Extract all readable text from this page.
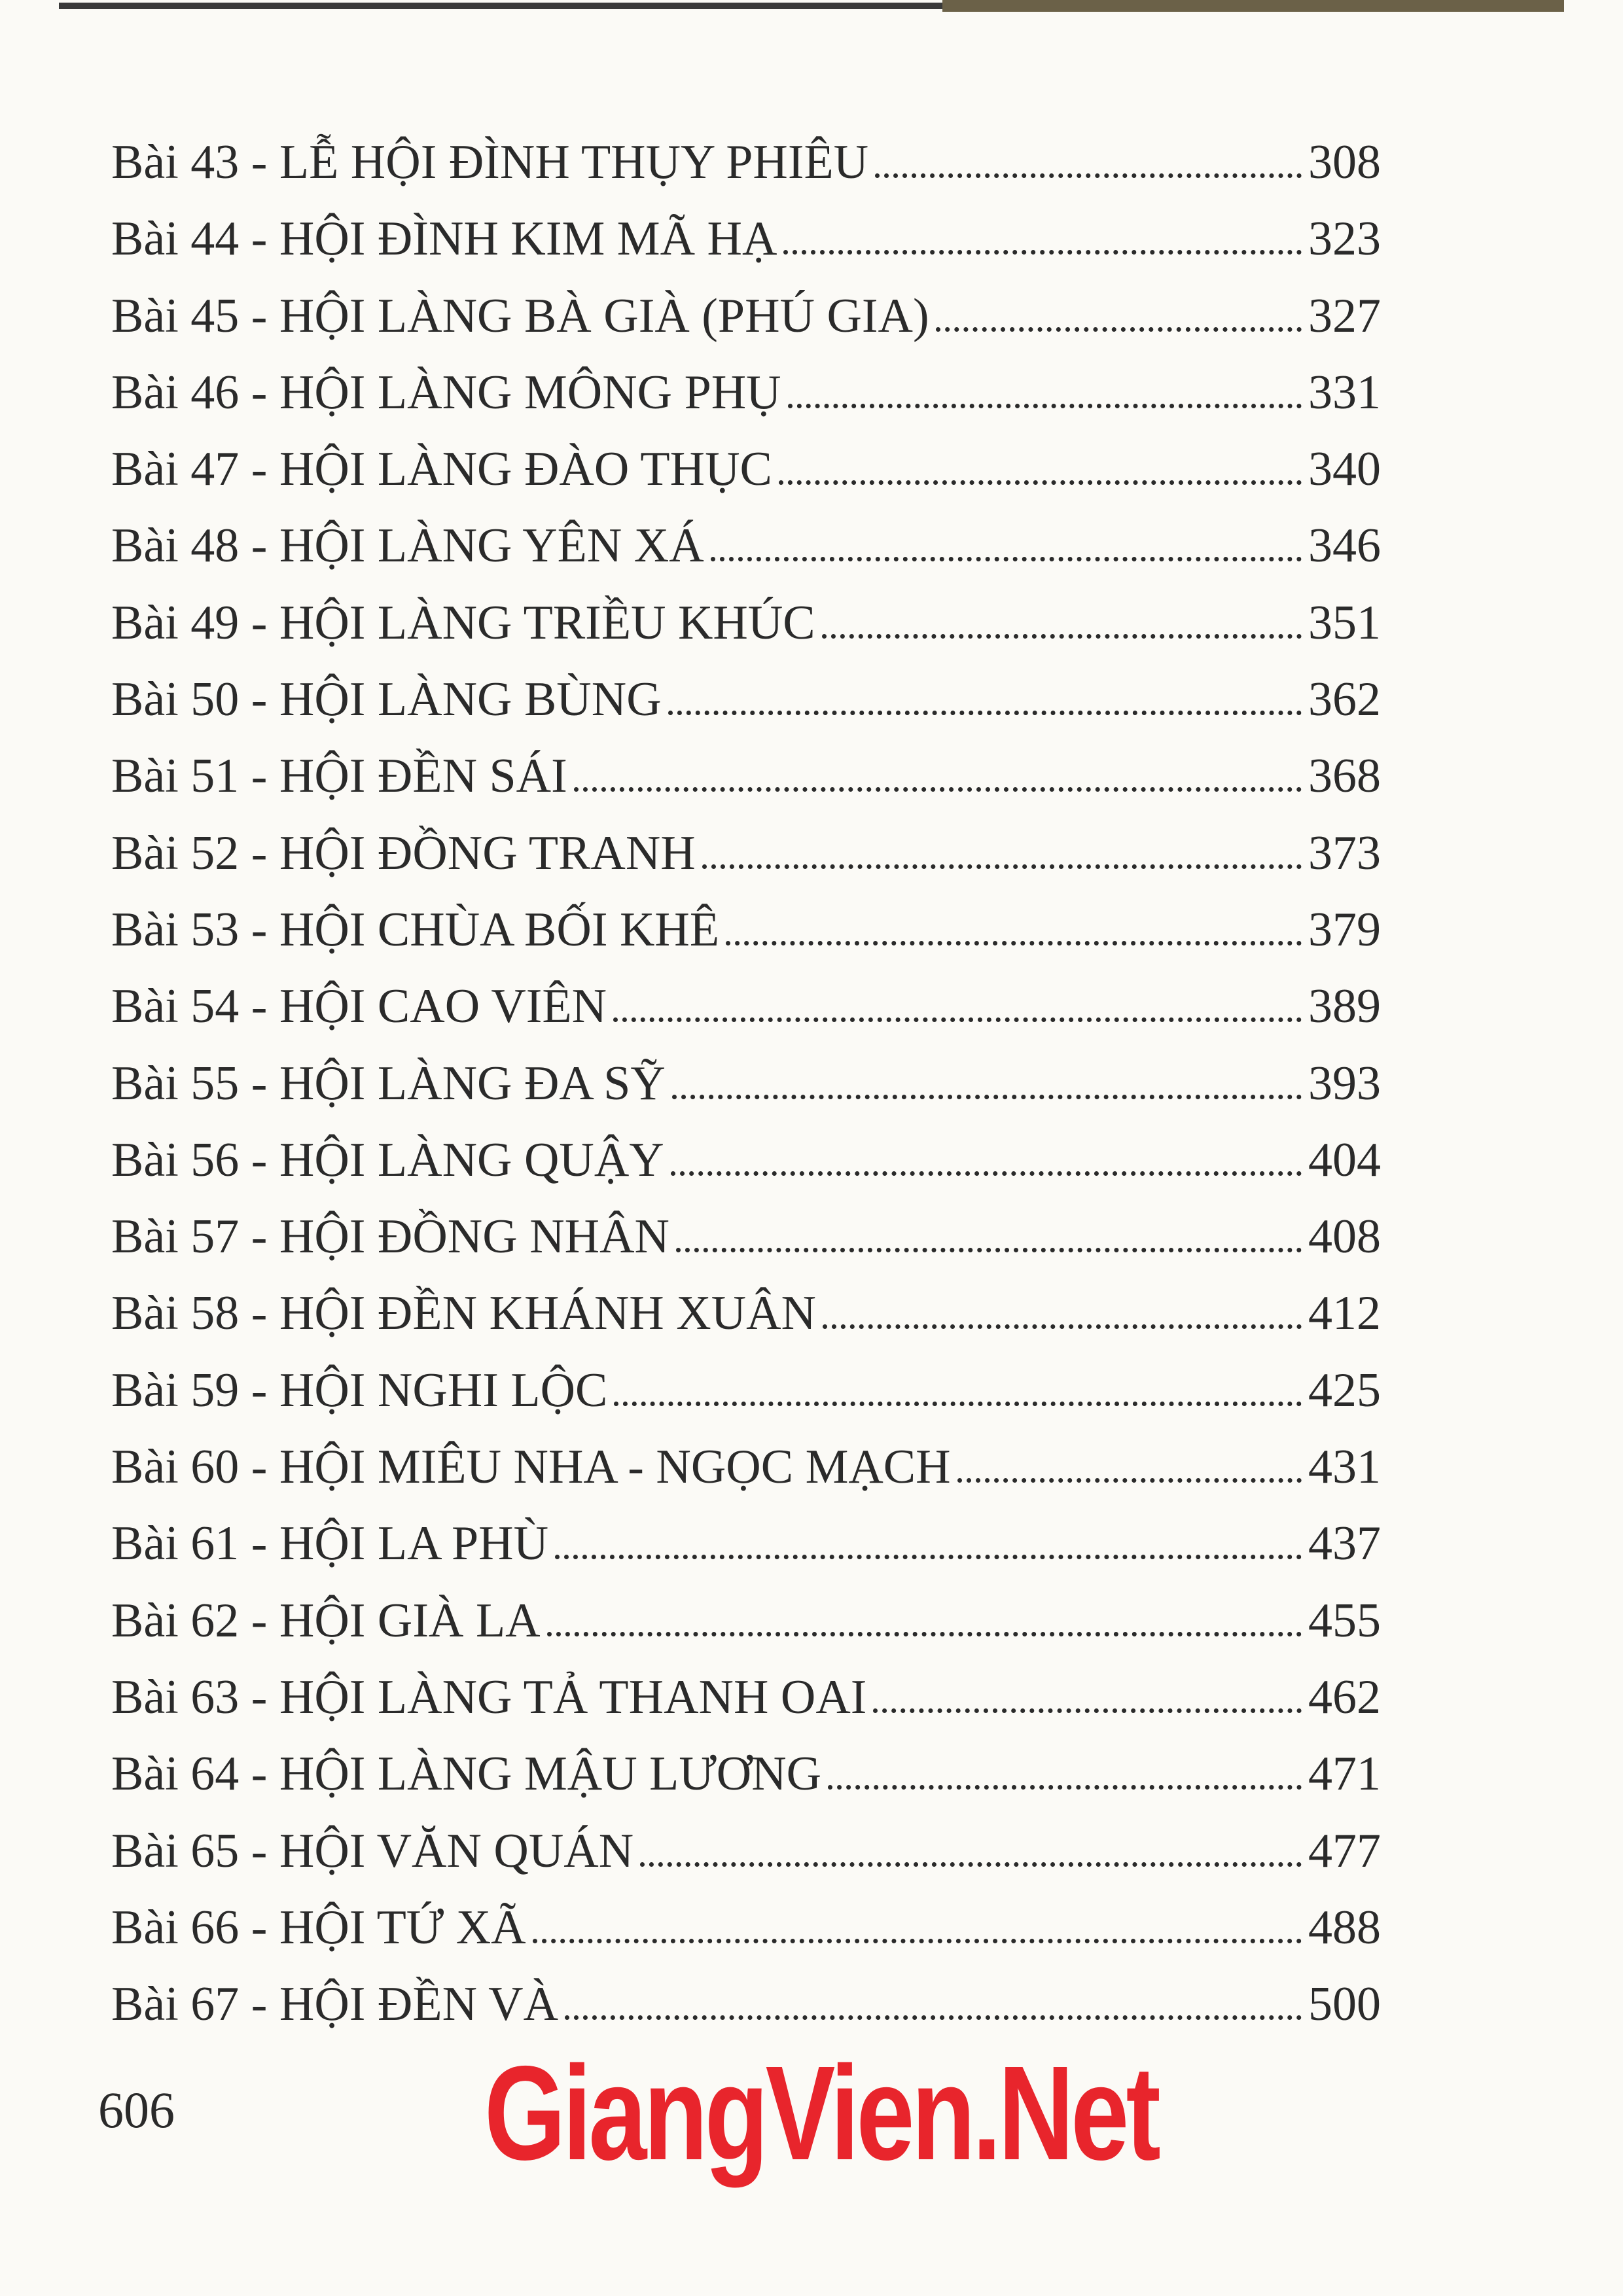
Bài 43 - LỄ HỘI ĐÌNH THỤY PHIÊU	308
Bài 44 - HỘI ĐÌNH KIM MÃ HẠ	323
Bài 45 - HỘI LÀNG BÀ GIÀ (PHÚ GIA)	327
Bài 46 - HỘI LÀNG MÔNG PHỤ	331
Bài 47 - HỘI LÀNG ĐÀO THỤC	340
Bài 48 - HỘI LÀNG YÊN XÁ	346
Bài 49 - HỘI LÀNG TRIỀU KHÚC	351
Bài 50 - HỘI LÀNG BÙNG	362
Bài 51 - HỘI ĐỀN SÁI	368
Bài 52 - HỘI ĐỒNG TRANH	373
Bài 53 - HỘI CHÙA BỐI KHÊ	379
Bài 54 - HỘI CAO VIÊN	389
Bài 55 - HỘI LÀNG ĐA SỸ	393
Bài 56 - HỘI LÀNG QUẬY	404
Bài 57 - HỘI ĐỒNG NHÂN	408
Bài 58 - HỘI ĐỀN KHÁNH XUÂN	412
Bài 59 - HỘI NGHI LỘC	425
Bài 60 - HỘI MIÊU NHA - NGỌC MẠCH	431
Bài 61 - HỘI LA PHÙ	437
Bài 62 - HỘI GIÀ LA	455
Bài 63 - HỘI LÀNG TẢ THANH OAI	462
Bài 64 - HỘI LÀNG MẬU LƯƠNG	471
Bài 65 - HỘI VĂN QUÁN	477
Bài 66 - HỘI TỨ XÃ	488
Bài 67 - HỘI ĐỀN VÀ	500
606 GiangVien.Net
